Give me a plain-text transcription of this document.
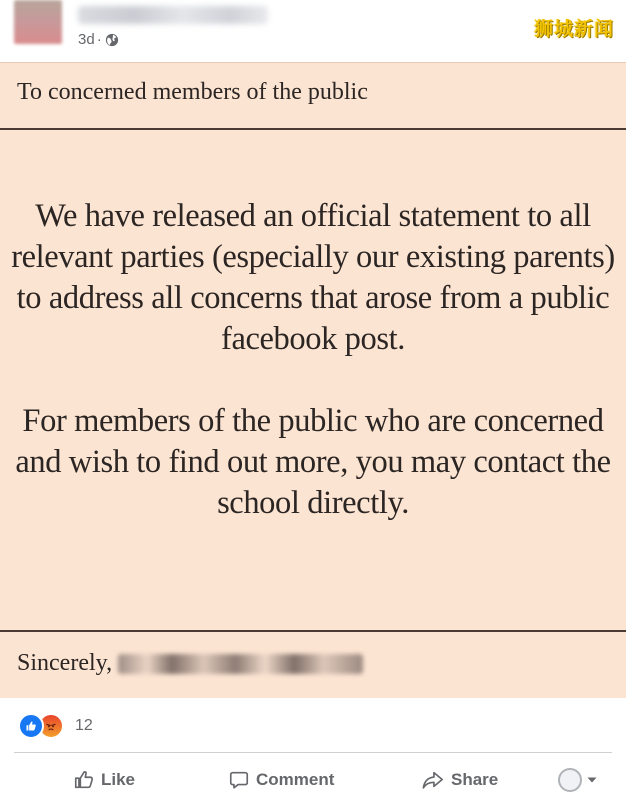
3d ·	狮城新闻
To concerned members of the public
We have released an official statement to all relevant parties (especially our existing parents) to address all concerns that arose from a public facebook post.
For members of the public who are concerned and wish to find out more, you may contact the school directly.
Sincerely,
12
Like	Comment	Share
